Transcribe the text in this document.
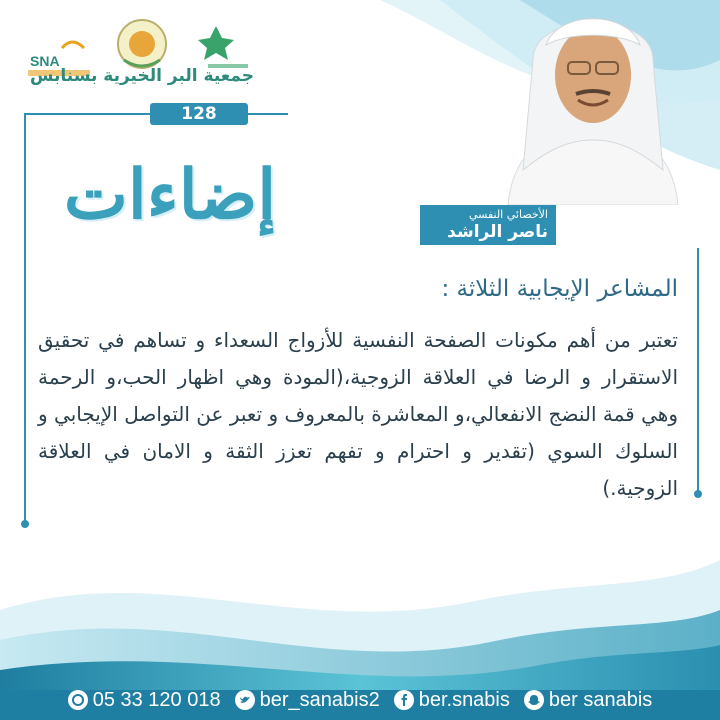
SNA
جمعية البر الخيرية بسنابس
128
إضاءات	الأخصائي النفسي
ناصر الراشد
المشاعر الإيجابية الثلاثة :
تعتبر من أهم مكونات الصفحة النفسية للأزواج السعداء و تساهم في تحقيق الاستقرار و الرضا في العلاقة الزوجية،(المودة وهي اظهار الحب،و الرحمة وهي قمة النضج الانفعالي،و المعاشرة بالمعروف و تعبر عن التواصل الإيجابي و السلوك السوي (تقدير و احترام و تفهم تعزز الثقة و الامان في العلاقة الزوجية.)
05 33 120 018 ber_sanabis2 ber.snabis ber sanabis
